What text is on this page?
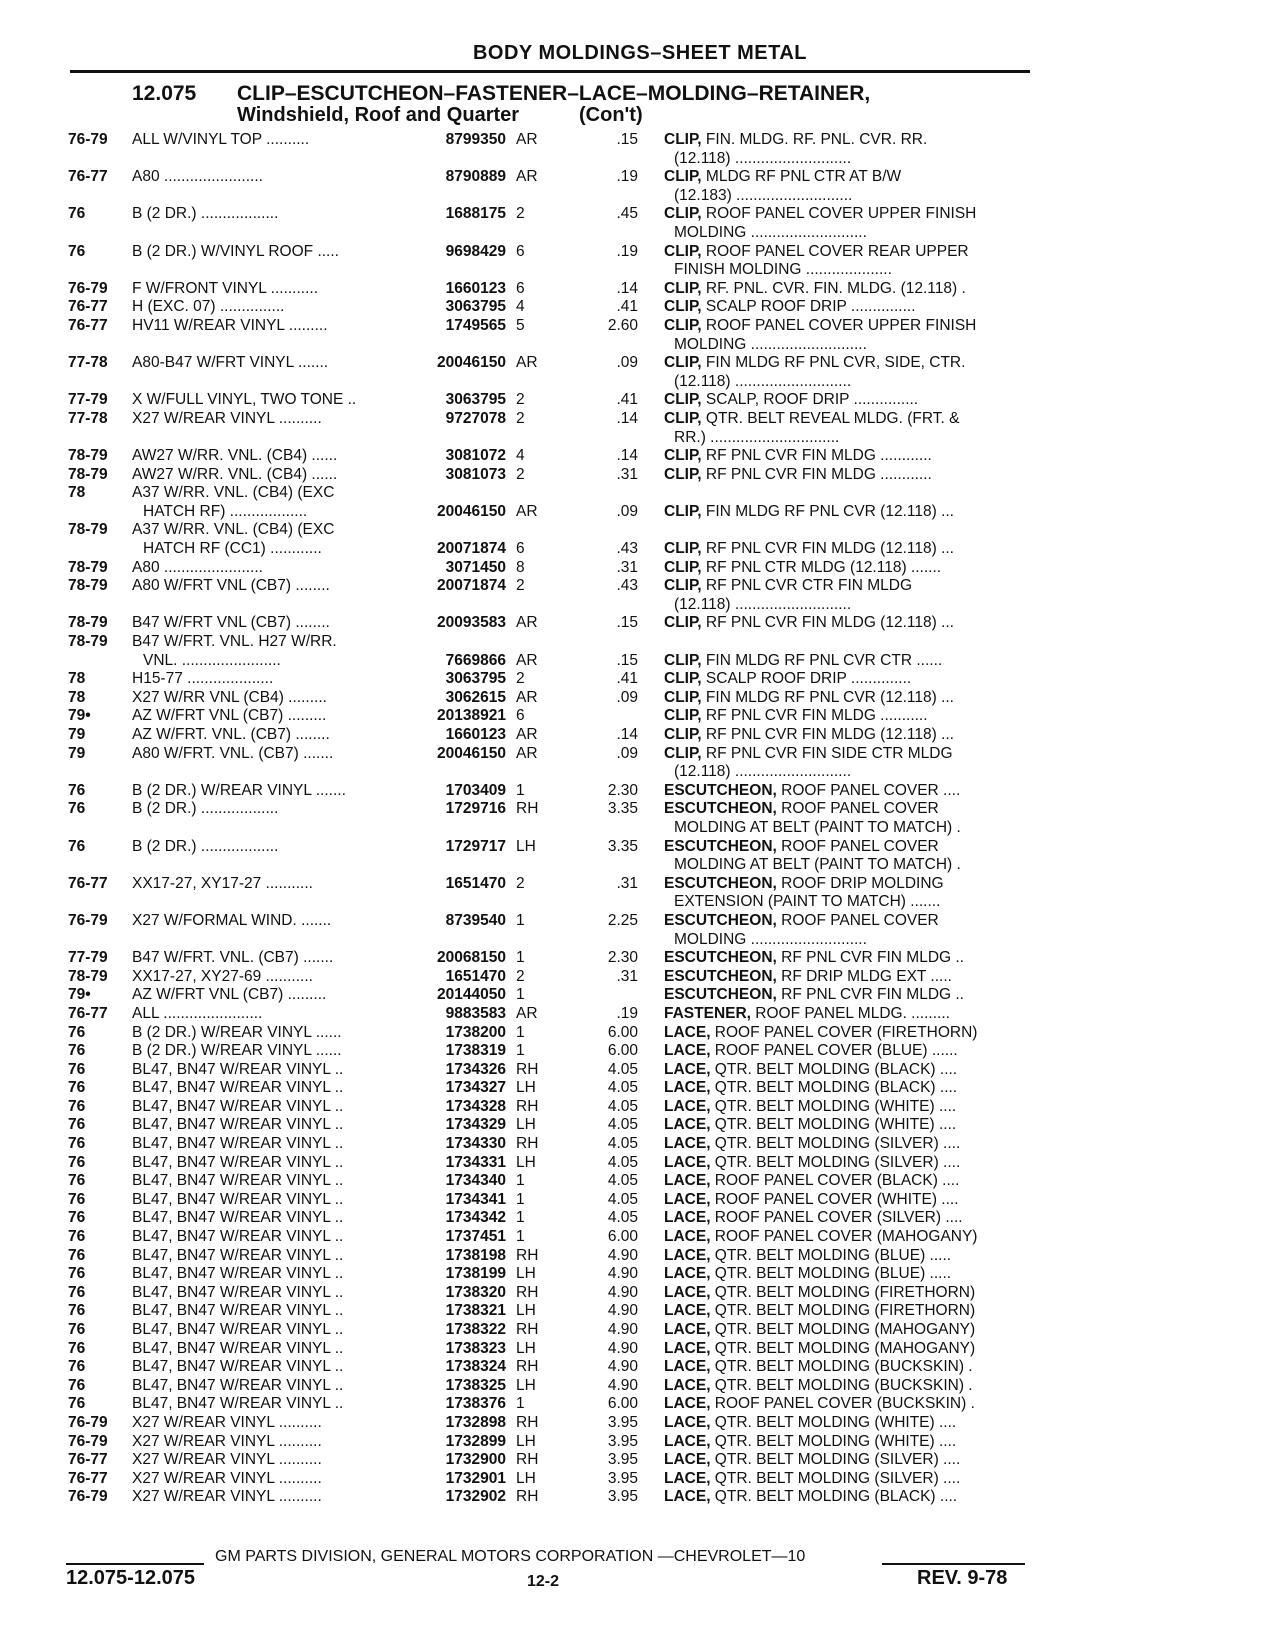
BODY MOLDINGS–SHEET METAL
12.075 CLIP–ESCUTCHEON–FASTENER–LACE–MOLDING–RETAINER,
Windshield, Roof and Quarter	(Con't)
76-79 ALL W/VINYL TOP ..........	8799350 AR	.15 CLIP, FIN. MLDG. RF. PNL. CVR. RR.
(12.118) ...........................
76-77 A80 .......................	8790889 AR	.19 CLIP, MLDG RF PNL CTR AT B/W
(12.183) ...........................
76	B (2 DR.) ..................	1688175 2	.45 CLIP, ROOF PANEL COVER UPPER FINISH
MOLDING ...........................
76	B (2 DR.) W/VINYL ROOF .....	9698429 6	.19 CLIP, ROOF PANEL COVER REAR UPPER
FINISH MOLDING ....................
76-79 F W/FRONT VINYL ...........	1660123 6	.14 CLIP, RF. PNL. CVR. FIN. MLDG. (12.118) .
76-77 H (EXC. 07) ...............	3063795 4	.41 CLIP, SCALP ROOF DRIP ...............
76-77 HV11 W/REAR VINYL .........	1749565 5	2.60 CLIP, ROOF PANEL COVER UPPER FINISH
MOLDING ...........................
77-78 A80-B47 W/FRT VINYL .......	20046150 AR	.09 CLIP, FIN MLDG RF PNL CVR, SIDE, CTR.
(12.118) ...........................
77-79 X W/FULL VINYL, TWO TONE ..	3063795 2	.41 CLIP, SCALP, ROOF DRIP ...............
77-78 X27 W/REAR VINYL ..........	9727078 2	.14 CLIP, QTR. BELT REVEAL MLDG. (FRT. &
RR.) ..............................
78-79 AW27 W/RR. VNL. (CB4) ......	3081072 4	.14 CLIP, RF PNL CVR FIN MLDG ............
78-79 AW27 W/RR. VNL. (CB4) ......	3081073 2	.31 CLIP, RF PNL CVR FIN MLDG ............
78	A37 W/RR. VNL. (CB4) (EXC
HATCH RF) ..................	20046150 AR	.09 CLIP, FIN MLDG RF PNL CVR (12.118) ...
78-79 A37 W/RR. VNL. (CB4) (EXC
HATCH RF (CC1) ............	20071874 6	.43 CLIP, RF PNL CVR FIN MLDG (12.118) ...
78-79 A80 .......................	3071450 8	.31 CLIP, RF PNL CTR MLDG (12.118) .......
78-79 A80 W/FRT VNL (CB7) ........	20071874 2	.43 CLIP, RF PNL CVR CTR FIN MLDG
(12.118) ...........................
78-79 B47 W/FRT VNL (CB7) ........	20093583 AR	.15 CLIP, RF PNL CVR FIN MLDG (12.118) ...
78-79 B47 W/FRT. VNL. H27 W/RR.
VNL. .......................	7669866 AR	.15 CLIP, FIN MLDG RF PNL CVR CTR ......
78	H15-77 ....................	3063795 2	.41 CLIP, SCALP ROOF DRIP ..............
78	X27 W/RR VNL (CB4) .........	3062615 AR	.09 CLIP, FIN MLDG RF PNL CVR (12.118) ...
79•	AZ W/FRT VNL (CB7) .........	20138921 6	CLIP, RF PNL CVR FIN MLDG ...........
79	AZ W/FRT. VNL. (CB7) ........	1660123 AR	.14 CLIP, RF PNL CVR FIN MLDG (12.118) ...
79	A80 W/FRT. VNL. (CB7) .......	20046150 AR	.09 CLIP, RF PNL CVR FIN SIDE CTR MLDG
(12.118) ...........................
76	B (2 DR.) W/REAR VINYL .......	1703409 1	2.30 ESCUTCHEON, ROOF PANEL COVER ....
76	B (2 DR.) ..................	1729716 RH	3.35 ESCUTCHEON, ROOF PANEL COVER
MOLDING AT BELT (PAINT TO MATCH) .
76	B (2 DR.) ..................	1729717 LH	3.35 ESCUTCHEON, ROOF PANEL COVER
MOLDING AT BELT (PAINT TO MATCH) .
76-77 XX17-27, XY17-27 ...........	1651470 2	.31 ESCUTCHEON, ROOF DRIP MOLDING
EXTENSION (PAINT TO MATCH) .......
76-79 X27 W/FORMAL WIND. .......	8739540 1	2.25 ESCUTCHEON, ROOF PANEL COVER
MOLDING ...........................
77-79 B47 W/FRT. VNL. (CB7) .......	20068150 1	2.30 ESCUTCHEON, RF PNL CVR FIN MLDG ..
78-79 XX17-27, XY27-69 ...........	1651470 2	.31 ESCUTCHEON, RF DRIP MLDG EXT .....
79•	AZ W/FRT VNL (CB7) .........	20144050 1	ESCUTCHEON, RF PNL CVR FIN MLDG ..
76-77 ALL .......................	9883583 AR	.19 FASTENER, ROOF PANEL MLDG. .........
76	B (2 DR.) W/REAR VINYL ......	1738200 1	6.00 LACE, ROOF PANEL COVER (FIRETHORN)
76	B (2 DR.) W/REAR VINYL ......	1738319 1	6.00 LACE, ROOF PANEL COVER (BLUE) ......
76	BL47, BN47 W/REAR VINYL ..	1734326 RH	4.05 LACE, QTR. BELT MOLDING (BLACK) ....
76	BL47, BN47 W/REAR VINYL ..	1734327 LH	4.05 LACE, QTR. BELT MOLDING (BLACK) ....
76	BL47, BN47 W/REAR VINYL ..	1734328 RH	4.05 LACE, QTR. BELT MOLDING (WHITE) ....
76	BL47, BN47 W/REAR VINYL ..	1734329 LH	4.05 LACE, QTR. BELT MOLDING (WHITE) ....
76	BL47, BN47 W/REAR VINYL ..	1734330 RH	4.05 LACE, QTR. BELT MOLDING (SILVER) ....
76	BL47, BN47 W/REAR VINYL ..	1734331 LH	4.05 LACE, QTR. BELT MOLDING (SILVER) ....
76	BL47, BN47 W/REAR VINYL ..	1734340 1	4.05 LACE, ROOF PANEL COVER (BLACK) ....
76	BL47, BN47 W/REAR VINYL ..	1734341 1	4.05 LACE, ROOF PANEL COVER (WHITE) ....
76	BL47, BN47 W/REAR VINYL ..	1734342 1	4.05 LACE, ROOF PANEL COVER (SILVER) ....
76	BL47, BN47 W/REAR VINYL ..	1737451 1	6.00 LACE, ROOF PANEL COVER (MAHOGANY)
76	BL47, BN47 W/REAR VINYL ..	1738198 RH	4.90 LACE, QTR. BELT MOLDING (BLUE) .....
76	BL47, BN47 W/REAR VINYL ..	1738199 LH	4.90 LACE, QTR. BELT MOLDING (BLUE) .....
76	BL47, BN47 W/REAR VINYL ..	1738320 RH	4.90 LACE, QTR. BELT MOLDING (FIRETHORN)
76	BL47, BN47 W/REAR VINYL ..	1738321 LH	4.90 LACE, QTR. BELT MOLDING (FIRETHORN)
76	BL47, BN47 W/REAR VINYL ..	1738322 RH	4.90 LACE, QTR. BELT MOLDING (MAHOGANY)
76	BL47, BN47 W/REAR VINYL ..	1738323 LH	4.90 LACE, QTR. BELT MOLDING (MAHOGANY)
76	BL47, BN47 W/REAR VINYL ..	1738324 RH	4.90 LACE, QTR. BELT MOLDING (BUCKSKIN) .
76	BL47, BN47 W/REAR VINYL ..	1738325 LH	4.90 LACE, QTR. BELT MOLDING (BUCKSKIN) .
76	BL47, BN47 W/REAR VINYL ..	1738376 1	6.00 LACE, ROOF PANEL COVER (BUCKSKIN) .
76-79 X27 W/REAR VINYL ..........	1732898 RH	3.95 LACE, QTR. BELT MOLDING (WHITE) ....
76-79 X27 W/REAR VINYL ..........	1732899 LH	3.95 LACE, QTR. BELT MOLDING (WHITE) ....
76-77 X27 W/REAR VINYL ..........	1732900 RH	3.95 LACE, QTR. BELT MOLDING (SILVER) ....
76-77 X27 W/REAR VINYL ..........	1732901 LH	3.95 LACE, QTR. BELT MOLDING (SILVER) ....
76-79 X27 W/REAR VINYL ..........	1732902 RH	3.95 LACE, QTR. BELT MOLDING (BLACK) ....
GM PARTS DIVISION, GENERAL MOTORS CORPORATION —CHEVROLET—10
12.075-12.075	12-2	REV. 9-78
